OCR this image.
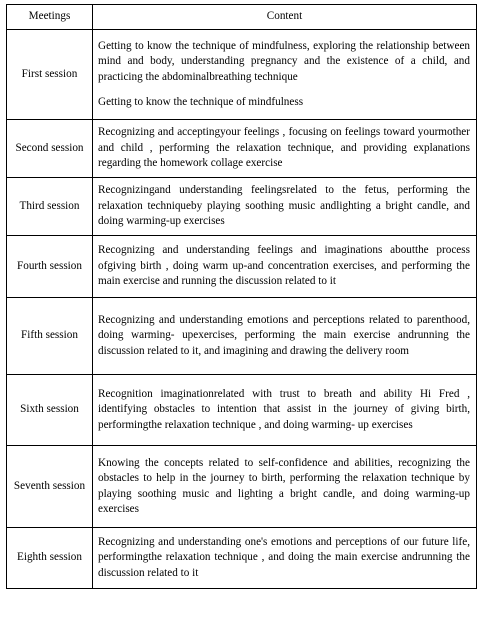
Meetings	Content
First session	Getting to know the technique of mindfulness, exploring the relationship between mind and body, understanding pregnancy and the existence of a child, and practicing the abdominalbreathing technique

Getting to know the technique of mindfulness

Second session	Recognizing and acceptingyour feelings , focusing on feelings toward yourmother and child , performing the relaxation technique, and providing explanations regarding the homework collage exercise

Third session	Recognizingand understanding feelingsrelated to the fetus, performing the relaxation techniqueby playing soothing music andlighting a bright candle, and doing warming-up exercises

Fourth session	Recognizing and understanding feelings and imaginations aboutthe process ofgiving birth , doing warm up-and concentration exercises, and performing the main exercise and running the discussion related to it

Fifth session	Recognizing and understanding emotions and perceptions related to parenthood, doing warming- upexercises, performing the main exercise andrunning the discussion related to it, and imagining and drawing the delivery room

Sixth session	Recognition imaginationrelated with trust to breath and ability Hi Fred , identifying obstacles to intention that assist in the journey of giving birth, performingthe relaxation technique , and doing warming- up exercises

Seventh session	Knowing the concepts related to self-confidence and abilities, recognizing the obstacles to help in the journey to birth, performing the relaxation technique by playing soothing music and lighting a bright candle, and doing warming-up exercises

Eighth session	Recognizing and understanding one's emotions and perceptions of our future life, performingthe relaxation technique , and doing the main exercise andrunning the discussion related to it
